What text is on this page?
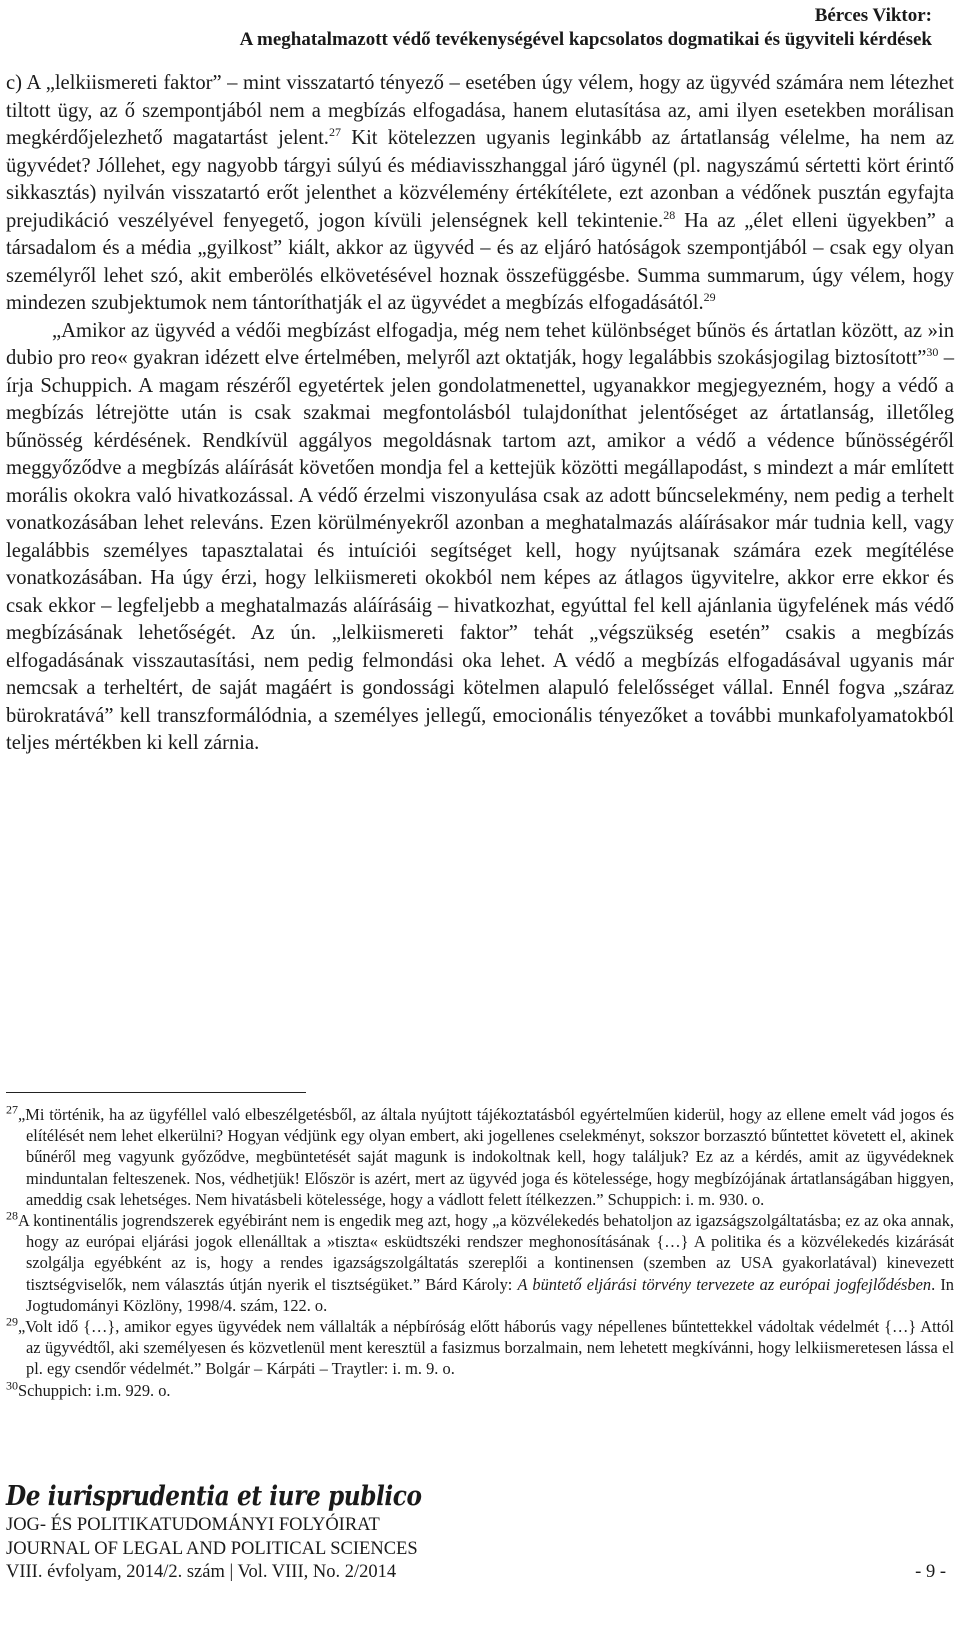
Bérces Viktor:
A meghatalmazott védő tevékenységével kapcsolatos dogmatikai és ügyviteli kérdések

c) A „lelkiismereti faktor” – mint visszatartó tényező – esetében úgy vélem, hogy az ügyvéd számára nem létezhet tiltott ügy, az ő szempontjából nem a megbízás elfogadása, hanem elutasítása az, ami ilyen esetekben morálisan megkérdőjelezhető magatartást jelent.$^{27}$ Kit kötelezzen ugyanis leginkább az ártatlanság vélelme, ha nem az ügyvédet? Jóllehet, egy nagyobb tárgyi súlyú és médiavisszhanggal járó ügynél (pl. nagyszámú sértetti kört érintő sikkasztás) nyilván visszatartó erőt jelenthet a közvélemény értékítélete, ezt azonban a védőnek pusztán egyfajta prejudikáció veszélyével fenyegető, jogon kívüli jelenségnek kell tekintenie.$^{28}$ Ha az „élet elleni ügyekben” a társadalom és a média „gyilkost” kiált, akkor az ügyvéd – és az eljáró hatóságok szempontjából – csak egy olyan személyről lehet szó, akit emberölés elkövetésével hoznak összefüggésbe. Summa summarum, úgy vélem, hogy mindezen szubjektumok nem tántoríthatják el az ügyvédet a megbízás elfogadásától.$^{29}$

„Amikor az ügyvéd a védői megbízást elfogadja, még nem tehet különbséget bűnös és ártatlan között, az »in dubio pro reo« gyakran idézett elve értelmében, melyről azt oktatják, hogy legalábbis szokásjogilag biztosított”$^{30}$ – írja Schuppich. A magam részéről egyetértek jelen gondolatmenettel, ugyanakkor megjegyezném, hogy a védő a megbízás létrejötte után is csak szakmai megfontolásból tulajdoníthat jelentőséget az ártatlanság, illetőleg bűnösség kérdésének. Rendkívül aggályos megoldásnak tartom azt, amikor a védő a védence bűnösségéről meggyőződve a megbízás aláírását követően mondja fel a kettejük közötti megállapodást, s mindezt a már említett morális okokra való hivatkozással. A védő érzelmi viszonyulása csak az adott bűncselekmény, nem pedig a terhelt vonatkozásában lehet releváns. Ezen körülményekről azonban a meghatalmazás aláírásakor már tudnia kell, vagy legalábbis személyes tapasztalatai és intuíciói segítséget kell, hogy nyújtsanak számára ezek megítélése vonatkozásában. Ha úgy érzi, hogy lelkiismereti okokból nem képes az átlagos ügyvitelre, akkor erre ekkor és csak ekkor – legfeljebb a meghatalmazás aláírásáig – hivatkozhat, egyúttal fel kell ajánlania ügyfelének más védő megbízásának lehetőségét. Az ún. „lelkiismereti faktor” tehát „végszükség esetén” csakis a megbízás elfogadásának visszautasítási, nem pedig felmondási oka lehet. A védő a megbízás elfogadásával ugyanis már nemcsak a terheltért, de saját magáért is gondossági kötelmen alapuló felelősséget vállal. Ennél fogva „száraz bürokratává” kell transzformálódnia, a személyes jellegű, emocionális tényezőket a további munkafolyamatokból teljes mértékben ki kell zárnia.

$^{27}$„Mi történik, ha az ügyféllel való elbeszélgetésből, az általa nyújtott tájékoztatásból egyértelműen kiderül, hogy az ellene emelt vád jogos és elítélését nem lehet elkerülni? Hogyan védjünk egy olyan embert, aki jogellenes cselekményt, sokszor borzasztó bűntettet követett el, akinek bűnéről meg vagyunk győződve, megbüntetését saját magunk is indokoltnak kell, hogy találjuk? Ez az a kérdés, amit az ügyvédeknek minduntalan felteszenek. Nos, védhetjük! Először is azért, mert az ügyvéd joga és kötelessége, hogy megbízójának ártatlanságában higgyen, ameddig csak lehetséges. Nem hivatásbeli kötelessége, hogy a vádlott felett ítélkezzen.” Schuppich: i. m. 930. o.

$^{28}$A kontinentális jogrendszerek egyébiránt nem is engedik meg azt, hogy „a közvélekedés behatoljon az igazságszolgáltatásba; ez az oka annak, hogy az európai eljárási jogok ellenálltak a »tiszta« esküdtszéki rendszer meghonosításának {…} A politika és a közvélekedés kizárását szolgálja egyébként az is, hogy a rendes igazságszolgáltatás szereplői a kontinensen (szemben az USA gyakorlatával) kinevezett tisztségviselők, nem választás útján nyerik el tisztségüket.” Bárd Károly: A büntető eljárási törvény tervezete az európai jogfejlődésben. In Jogtudományi Közlöny, 1998/4. szám, 122. o.

$^{29}$„Volt idő {…}, amikor egyes ügyvédek nem vállalták a népbíróság előtt háborús vagy népellenes bűntettekkel vádoltak védelmét {…} Attól az ügyvédtől, aki személyesen és közvetlenül ment keresztül a fasizmus borzalmain, nem lehetett megkívánni, hogy lelkiismeretesen lássa el pl. egy csendőr védelmét.” Bolgár – Kárpáti – Traytler: i. m. 9. o.

$^{30}$Schuppich: i.m. 929. o.

De iurisprudentia et iure publico
JOG- ÉS POLITIKATUDOMÁNYI FOLYÓIRAT
JOURNAL OF LEGAL AND POLITICAL SCIENCES
VIII. évfolyam, 2014/2. szám | Vol. VIII, No. 2/2014	- 9 -
